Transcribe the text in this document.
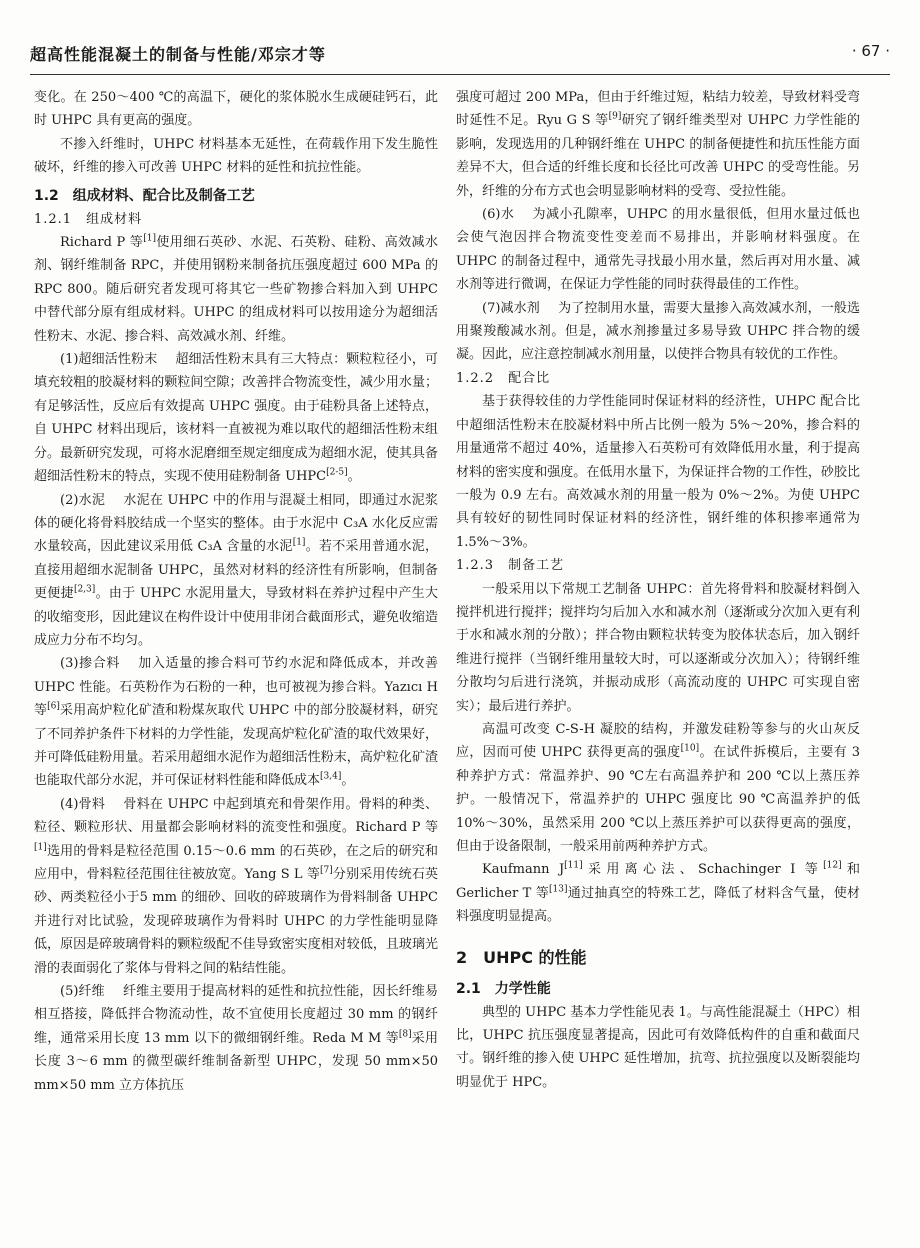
超高性能混凝土的制备与性能/邓宗才等	· 67 ·

变化。在 250～400 ℃的高温下，硬化的浆体脱水生成硬硅钙石，此时 UHPC 具有更高的强度。

不掺入纤维时，UHPC 材料基本无延性，在荷载作用下发生脆性破坏，纤维的掺入可改善 UHPC 材料的延性和抗拉性能。

1.2　组成材料、配合比及制备工艺
1.2.1　组成材料

Richard P 等[1]使用细石英砂、水泥、石英粉、硅粉、高效减水剂、钢纤维制备 RPC，并使用钢粉来制备抗压强度超过 600 MPa 的 RPC 800。随后研究者发现可将其它一些矿物掺合料加入到 UHPC 中替代部分原有组成材料。UHPC 的组成材料可以按用途分为超细活性粉末、水泥、掺合料、高效减水剂、纤维。

(1)超细活性粉末 超细活性粉末具有三大特点：颗粒粒径小，可填充较粗的胶凝材料的颗粒间空隙；改善拌合物流变性，减少用水量；有足够活性，反应后有效提高 UHPC 强度。由于硅粉具备上述特点，自 UHPC 材料出现后，该材料一直被视为难以取代的超细活性粉末组分。最新研究发现，可将水泥磨细至规定细度成为超细水泥，使其具备超细活性粉末的特点，实现不使用硅粉制备 UHPC[2-5]。

(2)水泥 水泥在 UHPC 中的作用与混凝土相同，即通过水泥浆体的硬化将骨料胶结成一个坚实的整体。由于水泥中 C₃A 水化反应需水量较高，因此建议采用低 C₃A 含量的水泥[1]。若不采用普通水泥，直接用超细水泥制备 UHPC，虽然对材料的经济性有所影响，但制备更便捷[2,3]。由于 UHPC 水泥用量大，导致材料在养护过程中产生大的收缩变形，因此建议在构件设计中使用非闭合截面形式，避免收缩造成应力分布不均匀。

(3)掺合料 加入适量的掺合料可节约水泥和降低成本，并改善 UHPC 性能。石英粉作为石粉的一种，也可被视为掺合料。Yazıcı H 等[6]采用高炉粒化矿渣和粉煤灰取代 UHPC 中的部分胶凝材料，研究了不同养护条件下材料的力学性能，发现高炉粒化矿渣的取代效果好，并可降低硅粉用量。若采用超细水泥作为超细活性粉末，高炉粒化矿渣也能取代部分水泥，并可保证材料性能和降低成本[3,4]。

(4)骨料 骨料在 UHPC 中起到填充和骨架作用。骨料的种类、粒径、颗粒形状、用量都会影响材料的流变性和强度。Richard P 等[1]选用的骨料是粒径范围 0.15～0.6 mm 的石英砂，在之后的研究和应用中，骨料粒径范围往往被放宽。Yang S L 等[7]分别采用传统石英砂、两类粒径小于5 mm 的细砂、回收的碎玻璃作为骨料制备 UHPC 并进行对比试验，发现碎玻璃作为骨料时 UHPC 的力学性能明显降低，原因是碎玻璃骨料的颗粒级配不佳导致密实度相对较低，且玻璃光滑的表面弱化了浆体与骨料之间的粘结性能。

(5)纤维 纤维主要用于提高材料的延性和抗拉性能，因长纤维易相互搭接，降低拌合物流动性，故不宜使用长度超过 30 mm 的钢纤维，通常采用长度 13 mm 以下的微细钢纤维。Reda M M 等[8]采用长度 3～6 mm 的微型碳纤维制备新型 UHPC，发现 50 mm×50 mm×50 mm 立方体抗压

强度可超过 200 MPa，但由于纤维过短，粘结力较差，导致材料受弯时延性不足。Ryu G S 等[9]研究了钢纤维类型对 UHPC 力学性能的影响，发现选用的几种钢纤维在 UHPC 的制备便捷性和抗压性能方面差异不大，但合适的纤维长度和长径比可改善 UHPC 的受弯性能。另外，纤维的分布方式也会明显影响材料的受弯、受拉性能。

(6)水 为减小孔隙率，UHPC 的用水量很低，但用水量过低也会使气泡因拌合物流变性变差而不易排出，并影响材料强度。在 UHPC 的制备过程中，通常先寻找最小用水量，然后再对用水量、减水剂等进行微调，在保证力学性能的同时获得最佳的工作性。

(7)减水剂 为了控制用水量，需要大量掺入高效减水剂，一般选用聚羧酸减水剂。但是，减水剂掺量过多易导致 UHPC 拌合物的缓凝。因此，应注意控制减水剂用量，以使拌合物具有较优的工作性。

1.2.2　配合比

基于获得较佳的力学性能同时保证材料的经济性，UHPC 配合比中超细活性粉末在胶凝材料中所占比例一般为 5%～20%，掺合料的用量通常不超过 40%，适量掺入石英粉可有效降低用水量，利于提高材料的密实度和强度。在低用水量下，为保证拌合物的工作性，砂胶比一般为 0.9 左右。高效减水剂的用量一般为 0%～2%。为使 UHPC 具有较好的韧性同时保证材料的经济性，钢纤维的体积掺率通常为 1.5%～3%。

1.2.3　制备工艺

一般采用以下常规工艺制备 UHPC：首先将骨料和胶凝材料倒入搅拌机进行搅拌；搅拌均匀后加入水和减水剂（逐渐或分次加入更有利于水和减水剂的分散）；拌合物由颗粒状转变为胶体状态后，加入钢纤维进行搅拌（当钢纤维用量较大时，可以逐渐或分次加入）；待钢纤维分散均匀后进行浇筑，并振动成形（高流动度的 UHPC 可实现自密实）；最后进行养护。

高温可改变 C-S-H 凝胶的结构，并激发硅粉等参与的火山灰反应，因而可使 UHPC 获得更高的强度[10]。在试件拆模后，主要有 3 种养护方式：常温养护、90 ℃左右高温养护和 200 ℃以上蒸压养护。一般情况下，常温养护的 UHPC 强度比 90 ℃高温养护的低 10%～30%，虽然采用 200 ℃以上蒸压养护可以获得更高的强度，但由于设备限制，一般采用前两种养护方式。

Kaufmann J[11]采用离心法、Schachinger I 等[12]和 Gerlicher T 等[13]通过抽真空的特殊工艺，降低了材料含气量，使材料强度明显提高。

2　UHPC 的性能
2.1　力学性能

典型的 UHPC 基本力学性能见表 1。与高性能混凝土（HPC）相比，UHPC 抗压强度显著提高，因此可有效降低构件的自重和截面尺寸。钢纤维的掺入使 UHPC 延性增加，抗弯、抗拉强度以及断裂能均明显优于 HPC。
